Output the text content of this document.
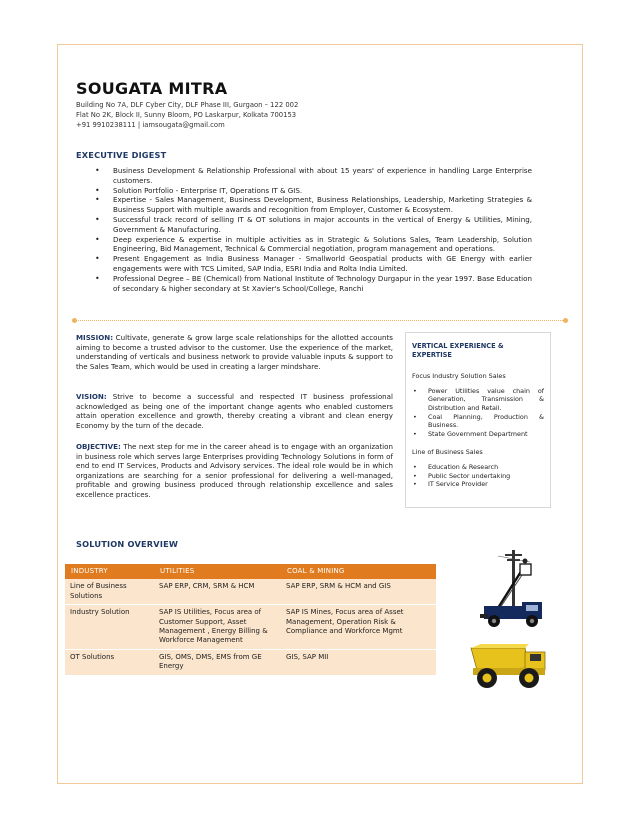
SOUGATA MITRA
Building No 7A, DLF Cyber City, DLF Phase III, Gurgaon – 122 002
Flat No 2K, Block II, Sunny Bloom, PO Laskarpur, Kolkata 700153
+91 9910238111 | iamsougata@gmail.com
EXECUTIVE DIGEST
• Business Development & Relationship Professional with about 15 years' of experience in handling Large Enterprise customers.
• Solution Portfolio - Enterprise IT, Operations IT & GIS.
• Expertise - Sales Management, Business Development, Business Relationships, Leadership, Marketing Strategies & Business Support with multiple awards and recognition from Employer, Customer & Ecosystem.
• Successful track record of selling IT & OT solutions in major accounts in the vertical of Energy & Utilities, Mining, Government & Manufacturing.
• Deep experience & expertise in multiple activities as in Strategic & Solutions Sales, Team Leadership, Solution Engineering, Bid Management, Technical & Commercial negotiation, program management and operations.
• Present Engagement as India Business Manager - Smallworld Geospatial products with GE Energy with earlier engagements were with TCS Limited, SAP India, ESRI India and Rolta India Limited.
• Professional Degree – BE (Chemical) from National Institute of Technology Durgapur in the year 1997. Base Education of secondary & higher secondary at St Xavier's School/College, Ranchi
MISSION: Cultivate, generate & grow large scale relationships for the allotted accounts aiming to become a trusted advisor to the customer. Use the experience of the market, understanding of verticals and business network to provide valuable inputs & support to the Sales Team, which would be used in creating a larger mindshare.
VISION: Strive to become a successful and respected IT business professional acknowledged as being one of the important change agents who enabled customers attain operation excellence and growth, thereby creating a vibrant and clean energy Economy by the turn of the decade.
OBJECTIVE: The next step for me in the career ahead is to engage with an organization in business role which serves large Enterprises providing Technology Solutions in form of end to end IT Services, Products and Advisory services. The ideal role would be in which organizations are searching for a senior professional for delivering a well-managed, profitable and growing business produced through relationship excellence and sales excellence practices.
VERTICAL EXPERIENCE & EXPERTISE
Focus Industry Solution Sales
• Power Utilities value chain of Generation, Transmission & Distribution and Retail.
• Coal Planning, Production & Business.
• State Government Department
Line of Business Sales
• Education & Research
• Public Sector undertaking
• IT Service Provider
SOLUTION OVERVIEW
INDUSTRY	UTILITIES	COAL & MINING
Line of Business Solutions	SAP ERP, CRM, SRM & HCM	SAP ERP, SRM & HCM and GIS
Industry Solution	SAP IS Utilities, Focus area of Customer Support, Asset Management , Energy Billing & Workforce Management	SAP IS Mines, Focus area of Asset Management, Operation Risk & Compliance and Workforce Mgmt
OT Solutions	GIS, OMS, DMS, EMS from GE Energy	GIS, SAP MII
